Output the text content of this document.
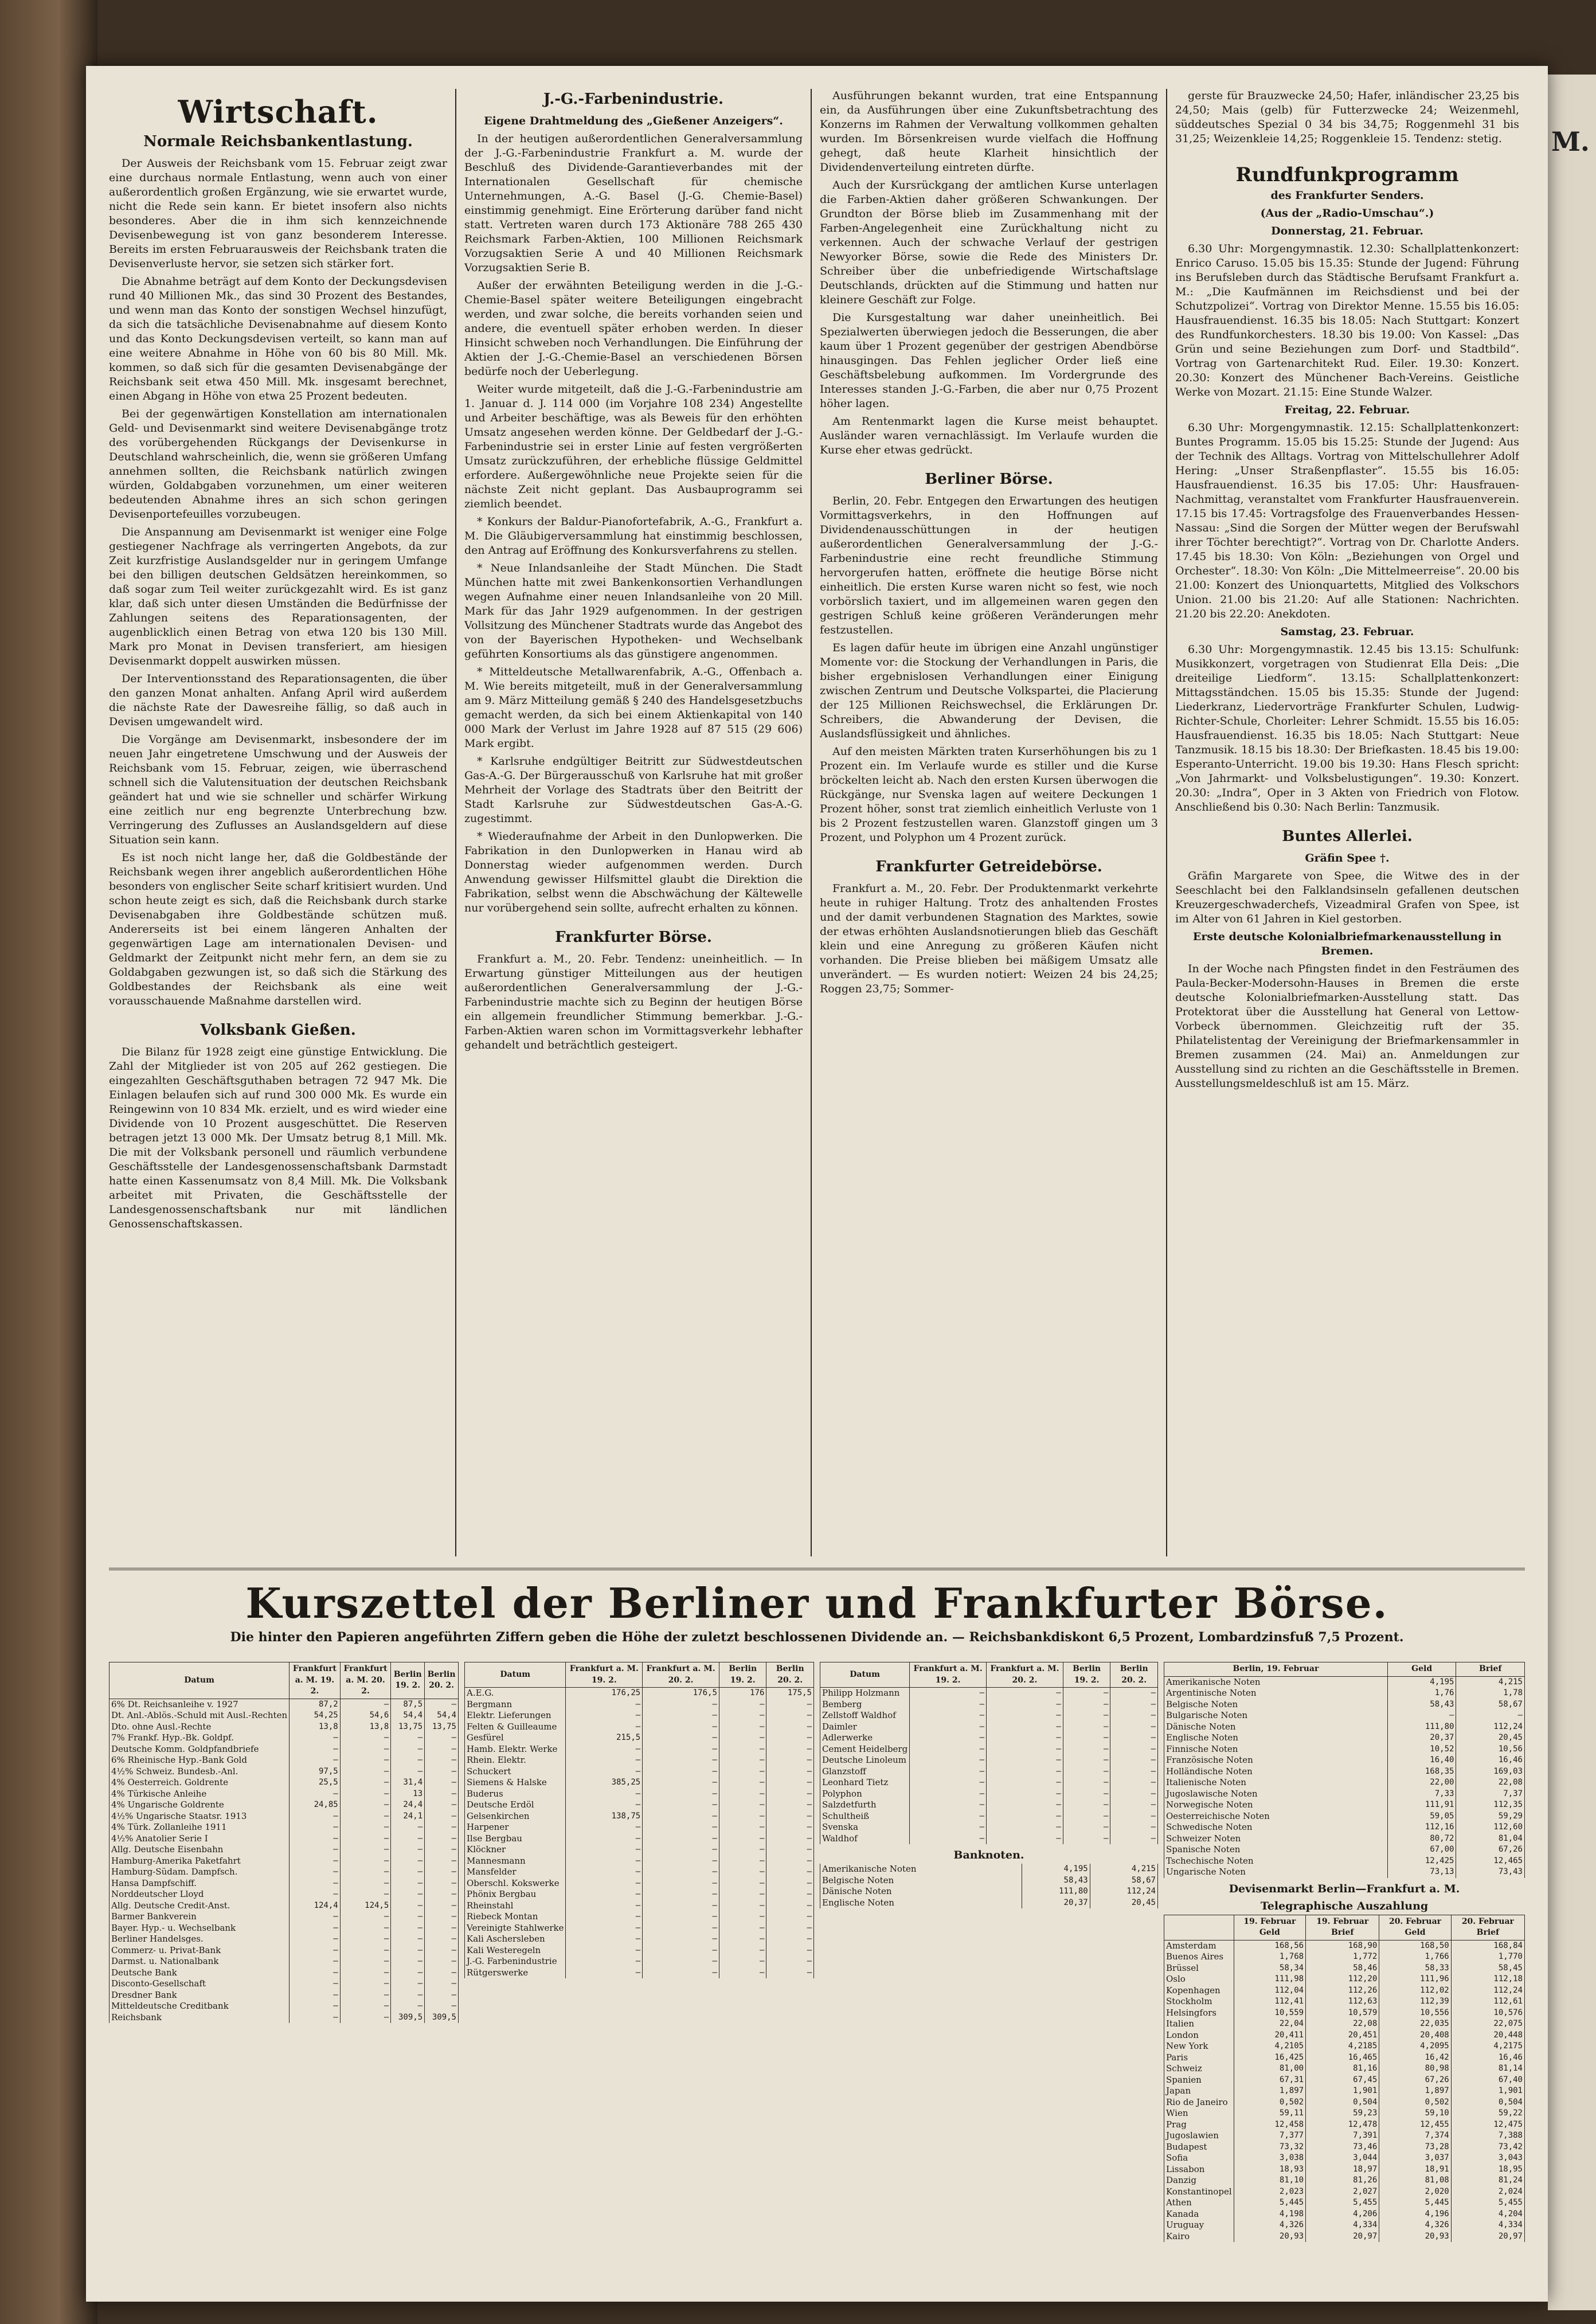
M.
Wirtschaft.
Normale Reichsbankentlastung.

Der Ausweis der Reichsbank vom 15. Februar zeigt zwar eine durchaus normale Entlastung, wenn auch von einer außerordentlich großen Ergänzung, wie sie erwartet wurde, nicht die Rede sein kann. Er bietet insofern also nichts besonderes. Aber die in ihm sich kennzeichnende Devisenbewegung ist von ganz besonderem Interesse. Bereits im ersten Februarausweis der Reichsbank traten die Devisenverluste hervor, sie setzen sich stärker fort.

Die Abnahme beträgt auf dem Konto der Deckungsdevisen rund 40 Millionen Mk., das sind 30 Prozent des Bestandes, und wenn man das Konto der sonstigen Wechsel hinzufügt, da sich die tatsächliche Devisenabnahme auf diesem Konto und das Konto Deckungsdevisen verteilt, so kann man auf eine weitere Abnahme in Höhe von 60 bis 80 Mill. Mk. kommen, so daß sich für die gesamten Devisenabgänge der Reichsbank seit etwa 450 Mill. Mk. insgesamt berechnet, einen Abgang in Höhe von etwa 25 Prozent bedeuten.

Bei der gegenwärtigen Konstellation am internationalen Geld- und Devisenmarkt sind weitere Devisenabgänge trotz des vorübergehenden Rückgangs der Devisenkurse in Deutschland wahrscheinlich, die, wenn sie größeren Umfang annehmen sollten, die Reichsbank natürlich zwingen würden, Goldabgaben vorzunehmen, um einer weiteren bedeutenden Abnahme ihres an sich schon geringen Devisenportefeuilles vorzubeugen.

Die Anspannung am Devisenmarkt ist weniger eine Folge gestiegener Nachfrage als verringerten Angebots, da zur Zeit kurzfristige Auslandsgelder nur in geringem Umfange bei den billigen deutschen Geldsätzen hereinkommen, so daß sogar zum Teil weiter zurückgezahlt wird. Es ist ganz klar, daß sich unter diesen Umständen die Bedürfnisse der Zahlungen seitens des Reparationsagenten, der augenblicklich einen Betrag von etwa 120 bis 130 Mill. Mark pro Monat in Devisen transferiert, am hiesigen Devisenmarkt doppelt auswirken müssen.

Der Interventionsstand des Reparationsagenten, die über den ganzen Monat anhalten. Anfang April wird außerdem die nächste Rate der Dawesreihe fällig, so daß auch in Devisen umgewandelt wird.

Die Vorgänge am Devisenmarkt, insbesondere der im neuen Jahr eingetretene Umschwung und der Ausweis der Reichsbank vom 15. Februar, zeigen, wie überraschend schnell sich die Valutensituation der deutschen Reichsbank geändert hat und wie sie schneller und schärfer Wirkung eine zeitlich nur eng begrenzte Unterbrechung bzw. Verringerung des Zuflusses an Auslandsgeldern auf diese Situation sein kann.

Es ist noch nicht lange her, daß die Goldbestände der Reichsbank wegen ihrer angeblich außerordentlichen Höhe besonders von englischer Seite scharf kritisiert wurden. Und schon heute zeigt es sich, daß die Reichsbank durch starke Devisenabgaben ihre Goldbestände schützen muß. Andererseits ist bei einem längeren Anhalten der gegenwärtigen Lage am internationalen Devisen- und Geldmarkt der Zeitpunkt nicht mehr fern, an dem sie zu Goldabgaben gezwungen ist, so daß sich die Stärkung des Goldbestandes der Reichsbank als eine weit vorausschauende Maßnahme darstellen wird.

Volksbank Gießen.

Die Bilanz für 1928 zeigt eine günstige Entwicklung. Die Zahl der Mitglieder ist von 205 auf 262 gestiegen. Die eingezahlten Geschäftsguthaben betragen 72 947 Mk. Die Einlagen belaufen sich auf rund 300 000 Mk. Es wurde ein Reingewinn von 10 834 Mk. erzielt, und es wird wieder eine Dividende von 10 Prozent ausgeschüttet. Die Reserven betragen jetzt 13 000 Mk. Der Umsatz betrug 8,1 Mill. Mk. Die mit der Volksbank personell und räumlich verbundene Geschäftsstelle der Landesgenossenschaftsbank Darmstadt hatte einen Kassenumsatz von 8,4 Mill. Mk. Die Volksbank arbeitet mit Privaten, die Geschäftsstelle der Landesgenossenschaftsbank nur mit ländlichen Genossenschaftskassen.

J.-G.-Farbenindustrie.

Eigene Drahtmeldung des „Gießener Anzeigers“.

In der heutigen außerordentlichen Generalversammlung der J.-G.-Farbenindustrie Frankfurt a. M. wurde der Beschluß des Dividende-Garantieverbandes mit der Internationalen Gesellschaft für chemische Unternehmungen, A.-G. Basel (J.-G. Chemie-Basel) einstimmig genehmigt. Eine Erörterung darüber fand nicht statt. Vertreten waren durch 173 Aktionäre 788 265 430 Reichsmark Farben-Aktien, 100 Millionen Reichsmark Vorzugsaktien Serie A und 40 Millionen Reichsmark Vorzugsaktien Serie B.

Außer der erwähnten Beteiligung werden in die J.-G.-Chemie-Basel später weitere Beteiligungen eingebracht werden, und zwar solche, die bereits vorhanden seien und andere, die eventuell später erhoben werden. In dieser Hinsicht schweben noch Verhandlungen. Die Einführung der Aktien der J.-G.-Chemie-Basel an verschiedenen Börsen bedürfe noch der Ueberlegung.

Weiter wurde mitgeteilt, daß die J.-G.-Farbenindustrie am 1. Januar d. J. 114 000 (im Vorjahre 108 234) Angestellte und Arbeiter beschäftige, was als Beweis für den erhöhten Umsatz angesehen werden könne. Der Geldbedarf der J.-G.-Farbenindustrie sei in erster Linie auf festen vergrößerten Umsatz zurückzuführen, der erhebliche flüssige Geldmittel erfordere. Außergewöhnliche neue Projekte seien für die nächste Zeit nicht geplant. Das Ausbauprogramm sei ziemlich beendet.

* Konkurs der Baldur-Pianofortefabrik, A.-G., Frankfurt a. M. Die Gläubigerversammlung hat einstimmig beschlossen, den Antrag auf Eröffnung des Konkursverfahrens zu stellen.

* Neue Inlandsanleihe der Stadt München. Die Stadt München hatte mit zwei Bankenkonsortien Verhandlungen wegen Aufnahme einer neuen Inlandsanleihe von 20 Mill. Mark für das Jahr 1929 aufgenommen. In der gestrigen Vollsitzung des Münchener Stadtrats wurde das Angebot des von der Bayerischen Hypotheken- und Wechselbank geführten Konsortiums als das günstigere angenommen.

* Mitteldeutsche Metallwarenfabrik, A.-G., Offenbach a. M. Wie bereits mitgeteilt, muß in der Generalversammlung am 9. März Mitteilung gemäß § 240 des Handelsgesetzbuchs gemacht werden, da sich bei einem Aktienkapital von 140 000 Mark der Verlust im Jahre 1928 auf 87 515 (29 606) Mark ergibt.

* Karlsruhe endgültiger Beitritt zur Südwestdeutschen Gas-A.-G. Der Bürgerausschuß von Karlsruhe hat mit großer Mehrheit der Vorlage des Stadtrats über den Beitritt der Stadt Karlsruhe zur Südwestdeutschen Gas-A.-G. zugestimmt.

* Wiederaufnahme der Arbeit in den Dunlopwerken. Die Fabrikation in den Dunlopwerken in Hanau wird ab Donnerstag wieder aufgenommen werden. Durch Anwendung gewisser Hilfsmittel glaubt die Direktion die Fabrikation, selbst wenn die Abschwächung der Kältewelle nur vorübergehend sein sollte, aufrecht erhalten zu können.

Frankfurter Börse.

Frankfurt a. M., 20. Febr. Tendenz: uneinheitlich. — In Erwartung günstiger Mitteilungen aus der heutigen außerordentlichen Generalversammlung der J.-G.-Farbenindustrie machte sich zu Beginn der heutigen Börse ein allgemein freundlicher Stimmung bemerkbar. J.-G.-Farben-Aktien waren schon im Vormittagsverkehr lebhafter gehandelt und beträchtlich gesteigert.

Ausführungen bekannt wurden, trat eine Entspannung ein, da Ausführungen über eine Zukunftsbetrachtung des Konzerns im Rahmen der Verwaltung vollkommen gehalten wurden. Im Börsenkreisen wurde vielfach die Hoffnung gehegt, daß heute Klarheit hinsichtlich der Dividendenverteilung eintreten dürfte.

Auch der Kursrückgang der amtlichen Kurse unterlagen die Farben-Aktien daher größeren Schwankungen. Der Grundton der Börse blieb im Zusammenhang mit der Farben-Angelegenheit eine Zurückhaltung nicht zu verkennen. Auch der schwache Verlauf der gestrigen Newyorker Börse, sowie die Rede des Ministers Dr. Schreiber über die unbefriedigende Wirtschaftslage Deutschlands, drückten auf die Stimmung und hatten nur kleinere Geschäft zur Folge.

Die Kursgestaltung war daher uneinheitlich. Bei Spezialwerten überwiegen jedoch die Besserungen, die aber kaum über 1 Prozent gegenüber der gestrigen Abendbörse hinausgingen. Das Fehlen jeglicher Order ließ eine Geschäftsbelebung aufkommen. Im Vordergrunde des Interesses standen J.-G.-Farben, die aber nur 0,75 Prozent höher lagen.

Am Rentenmarkt lagen die Kurse meist behauptet. Ausländer waren vernachlässigt. Im Verlaufe wurden die Kurse eher etwas gedrückt.

Berliner Börse.

Berlin, 20. Febr. Entgegen den Erwartungen des heutigen Vormittagsverkehrs, in den Hoffnungen auf Dividendenausschüttungen in der heutigen außerordentlichen Generalversammlung der J.-G.-Farbenindustrie eine recht freundliche Stimmung hervorgerufen hatten, eröffnete die heutige Börse nicht einheitlich. Die ersten Kurse waren nicht so fest, wie noch vorbörslich taxiert, und im allgemeinen waren gegen den gestrigen Schluß keine größeren Veränderungen mehr festzustellen.

Es lagen dafür heute im übrigen eine Anzahl ungünstiger Momente vor: die Stockung der Verhandlungen in Paris, die bisher ergebnislosen Verhandlungen einer Einigung zwischen Zentrum und Deutsche Volkspartei, die Placierung der 125 Millionen Reichswechsel, die Erklärungen Dr. Schreibers, die Abwanderung der Devisen, die Auslandsflüssigkeit und ähnliches.

Auf den meisten Märkten traten Kurserhöhungen bis zu 1 Prozent ein. Im Verlaufe wurde es stiller und die Kurse bröckelten leicht ab. Nach den ersten Kursen überwogen die Rückgänge, nur Svenska lagen auf weitere Deckungen 1 Prozent höher, sonst trat ziemlich einheitlich Verluste von 1 bis 2 Prozent festzustellen waren. Glanzstoff gingen um 3 Prozent, und Polyphon um 4 Prozent zurück.

Frankfurter Getreidebörse.

Frankfurt a. M., 20. Febr. Der Produktenmarkt verkehrte heute in ruhiger Haltung. Trotz des anhaltenden Frostes und der damit verbundenen Stagnation des Marktes, sowie der etwas erhöhten Auslandsnotierungen blieb das Geschäft klein und eine Anregung zu größeren Käufen nicht vorhanden. Die Preise blieben bei mäßigem Umsatz alle unverändert. — Es wurden notiert: Weizen 24 bis 24,25; Roggen 23,75; Sommer-

gerste für Brauzwecke 24,50; Hafer, inländischer 23,25 bis 24,50; Mais (gelb) für Futterzwecke 24; Weizenmehl, süddeutsches Spezial 0 34 bis 34,75; Roggenmehl 31 bis 31,25; Weizenkleie 14,25; Roggenkleie 15. Tendenz: stetig.

Rundfunkprogramm

des Frankfurter Senders.

(Aus der „Radio-Umschau“.)

Donnerstag, 21. Februar.

6.30 Uhr: Morgengymnastik. 12.30: Schallplattenkonzert: Enrico Caruso. 15.05 bis 15.35: Stunde der Jugend: Führung ins Berufsleben durch das Städtische Berufsamt Frankfurt a. M.: „Die Kaufmännen im Reichsdienst und bei der Schutzpolizei“. Vortrag von Direktor Menne. 15.55 bis 16.05: Hausfrauendienst. 16.35 bis 18.05: Nach Stuttgart: Konzert des Rundfunkorchesters. 18.30 bis 19.00: Von Kassel: „Das Grün und seine Beziehungen zum Dorf- und Stadtbild“. Vortrag von Gartenarchitekt Rud. Eiler. 19.30: Konzert. 20.30: Konzert des Münchener Bach-Vereins. Geistliche Werke von Mozart. 21.15: Eine Stunde Walzer.

Freitag, 22. Februar.

6.30 Uhr: Morgengymnastik. 12.15: Schallplattenkonzert: Buntes Programm. 15.05 bis 15.25: Stunde der Jugend: Aus der Technik des Alltags. Vortrag von Mittelschullehrer Adolf Hering: „Unser Straßenpflaster“. 15.55 bis 16.05: Hausfrauendienst. 16.35 bis 17.05: Uhr: Hausfrauen-Nachmittag, veranstaltet vom Frankfurter Hausfrauenverein. 17.15 bis 17.45: Vortragsfolge des Frauenverbandes Hessen-Nassau: „Sind die Sorgen der Mütter wegen der Berufswahl ihrer Töchter berechtigt?“. Vortrag von Dr. Charlotte Anders. 17.45 bis 18.30: Von Köln: „Beziehungen von Orgel und Orchester“. 18.30: Von Köln: „Die Mittelmeerreise“. 20.00 bis 21.00: Konzert des Unionquartetts, Mitglied des Volkschors Union. 21.00 bis 21.20: Auf alle Stationen: Nachrichten. 21.20 bis 22.20: Anekdoten.

Samstag, 23. Februar.

6.30 Uhr: Morgengymnastik. 12.45 bis 13.15: Schulfunk: Musikkonzert, vorgetragen von Studienrat Ella Deis: „Die dreiteilige Liedform“. 13.15: Schallplattenkonzert: Mittagsständchen. 15.05 bis 15.35: Stunde der Jugend: Liederkranz, Liedervorträge Frankfurter Schulen, Ludwig-Richter-Schule, Chorleiter: Lehrer Schmidt. 15.55 bis 16.05: Hausfrauendienst. 16.35 bis 18.05: Nach Stuttgart: Neue Tanzmusik. 18.15 bis 18.30: Der Briefkasten. 18.45 bis 19.00: Esperanto-Unterricht. 19.00 bis 19.30: Hans Flesch spricht: „Von Jahrmarkt- und Volksbelustigungen“. 19.30: Konzert. 20.30: „Indra“, Oper in 3 Akten von Friedrich von Flotow. Anschließend bis 0.30: Nach Berlin: Tanzmusik.

Buntes Allerlei.

Gräfin Spee †.

Gräfin Margarete von Spee, die Witwe des in der Seeschlacht bei den Falklandsinseln gefallenen deutschen Kreuzergeschwaderchefs, Vizeadmiral Grafen von Spee, ist im Alter von 61 Jahren in Kiel gestorben.

Erste deutsche Kolonialbriefmarkenausstellung in Bremen.

In der Woche nach Pfingsten findet in den Festräumen des Paula-Becker-Modersohn-Hauses in Bremen die erste deutsche Kolonialbriefmarken-Ausstellung statt. Das Protektorat über die Ausstellung hat General von Lettow-Vorbeck übernommen. Gleichzeitig ruft der 35. Philatelistentag der Vereinigung der Briefmarkensammler in Bremen zusammen (24. Mai) an. Anmeldungen zur Ausstellung sind zu richten an die Geschäftsstelle in Bremen. Ausstellungsmeldeschluß ist am 15. März.

Kurszettel der Berliner und Frankfurter Börse.
Die hinter den Papieren angeführten Ziffern geben die Höhe der zuletzt beschlossenen Dividende an. — Reichsbankdiskont 6,5 Prozent, Lombardzinsfuß 7,5 Prozent.
Datum	Frankfurt a. M. 19. 2.	Frankfurt a. M. 20. 2.	Berlin 19. 2.	Berlin 20. 2.
6% Dt. Reichsanleihe v. 1927	87,2	—	87,5	—
Dt. Anl.-Ablös.-Schuld mit Ausl.-Rechten	54,25	54,6	54,4	54,4
Dto. ohne Ausl.-Rechte	13,8	13,8	13,75	13,75
7% Frankf. Hyp.-Bk. Goldpf.	—	—	—	—
Deutsche Komm. Goldpfandbriefe	—	—	—	—
6% Rheinische Hyp.-Bank Gold	—	—	—	—
4½% Schweiz. Bundesb.-Anl.	97,5	—	—	—
4% Oesterreich. Goldrente	25,5	—	31,4	—
4% Türkische Anleihe	—	—	13	—
4% Ungarische Goldrente	24,85	—	24,4	—
4½% Ungarische Staatsr. 1913	—	—	24,1	—
4% Türk. Zollanleihe 1911	—	—	—	—
4½% Anatolier Serie I	—	—	—	—
Allg. Deutsche Eisenbahn	—	—	—	—
Hamburg-Amerika Paketfahrt	—	—	—	—
Hamburg-Südam. Dampfsch.	—	—	—	—
Hansa Dampfschiff.	—	—	—	—
Norddeutscher Lloyd	—	—	—	—
Allg. Deutsche Credit-Anst.	124,4	124,5	—	—
Barmer Bankverein	—	—	—	—
Bayer. Hyp.- u. Wechselbank	—	—	—	—
Berliner Handelsges.	—	—	—	—
Commerz- u. Privat-Bank	—	—	—	—
Darmst. u. Nationalbank	—	—	—	—
Deutsche Bank	—	—	—	—
Disconto-Gesellschaft	—	—	—	—
Dresdner Bank	—	—	—	—
Mitteldeutsche Creditbank	—	—	—	—
Reichsbank	—	—	309,5	309,5
Datum	Frankfurt a. M. 19. 2.	Frankfurt a. M. 20. 2.	Berlin 19. 2.	Berlin 20. 2.
A.E.G.	176,25	176,5	176	175,5
Bergmann	—	—	—	—
Elektr. Lieferungen	—	—	—	—
Felten & Guilleaume	—	—	—	—
Gesfürel	215,5	—	—	—
Hamb. Elektr. Werke	—	—	—	—
Rhein. Elektr.	—	—	—	—
Schuckert	—	—	—	—
Siemens & Halske	385,25	—	—	—
Buderus	—	—	—	—
Deutsche Erdöl	—	—	—	—
Gelsenkirchen	138,75	—	—	—
Harpener	—	—	—	—
Ilse Bergbau	—	—	—	—
Klöckner	—	—	—	—
Mannesmann	—	—	—	—
Mansfelder	—	—	—	—
Oberschl. Kokswerke	—	—	—	—
Phönix Bergbau	—	—	—	—
Rheinstahl	—	—	—	—
Riebeck Montan	—	—	—	—
Vereinigte Stahlwerke	—	—	—	—
Kali Aschersleben	—	—	—	—
Kali Westeregeln	—	—	—	—
J.-G. Farbenindustrie	—	—	—	—
Rütgerswerke	—	—	—	—
Datum	Frankfurt a. M. 19. 2.	Frankfurt a. M. 20. 2.	Berlin 19. 2.	Berlin 20. 2.
Philipp Holzmann	—	—	—	—
Bemberg	—	—	—	—
Zellstoff Waldhof	—	—	—	—
Daimler	—	—	—	—
Adlerwerke	—	—	—	—
Cement Heidelberg	—	—	—	—
Deutsche Linoleum	—	—	—	—
Glanzstoff	—	—	—	—
Leonhard Tietz	—	—	—	—
Polyphon	—	—	—	—
Salzdetfurth	—	—	—	—
Schultheiß	—	—	—	—
Svenska	—	—	—	—
Waldhof	—	—	—	—
Banknoten.
Amerikanische Noten	4,195	4,215
Belgische Noten	58,43	58,67
Dänische Noten	111,80	112,24
Englische Noten	20,37	20,45
Berlin, 19. Februar	Geld	Brief
Amerikanische Noten	4,195	4,215
Argentinische Noten	1,76	1,78
Belgische Noten	58,43	58,67
Bulgarische Noten	—	—
Dänische Noten	111,80	112,24
Englische Noten	20,37	20,45
Finnische Noten	10,52	10,56
Französische Noten	16,40	16,46
Holländische Noten	168,35	169,03
Italienische Noten	22,00	22,08
Jugoslawische Noten	7,33	7,37
Norwegische Noten	111,91	112,35
Oesterreichische Noten	59,05	59,29
Schwedische Noten	112,16	112,60
Schweizer Noten	80,72	81,04
Spanische Noten	67,00	67,26
Tschechische Noten	12,425	12,465
Ungarische Noten	73,13	73,43
Devisenmarkt Berlin—Frankfurt a. M.
Telegraphische Auszahlung
	19. Februar Geld	19. Februar Brief	20. Februar Geld	20. Februar Brief
Amsterdam	168,56	168,90	168,50	168,84
Buenos Aires	1,768	1,772	1,766	1,770
Brüssel	58,34	58,46	58,33	58,45
Oslo	111,98	112,20	111,96	112,18
Kopenhagen	112,04	112,26	112,02	112,24
Stockholm	112,41	112,63	112,39	112,61
Helsingfors	10,559	10,579	10,556	10,576
Italien	22,04	22,08	22,035	22,075
London	20,411	20,451	20,408	20,448
New York	4,2105	4,2185	4,2095	4,2175
Paris	16,425	16,465	16,42	16,46
Schweiz	81,00	81,16	80,98	81,14
Spanien	67,31	67,45	67,26	67,40
Japan	1,897	1,901	1,897	1,901
Rio de Janeiro	0,502	0,504	0,502	0,504
Wien	59,11	59,23	59,10	59,22
Prag	12,458	12,478	12,455	12,475
Jugoslawien	7,377	7,391	7,374	7,388
Budapest	73,32	73,46	73,28	73,42
Sofia	3,038	3,044	3,037	3,043
Lissabon	18,93	18,97	18,91	18,95
Danzig	81,10	81,26	81,08	81,24
Konstantinopel	2,023	2,027	2,020	2,024
Athen	5,445	5,455	5,445	5,455
Kanada	4,198	4,206	4,196	4,204
Uruguay	4,326	4,334	4,326	4,334
Kairo	20,93	20,97	20,93	20,97
